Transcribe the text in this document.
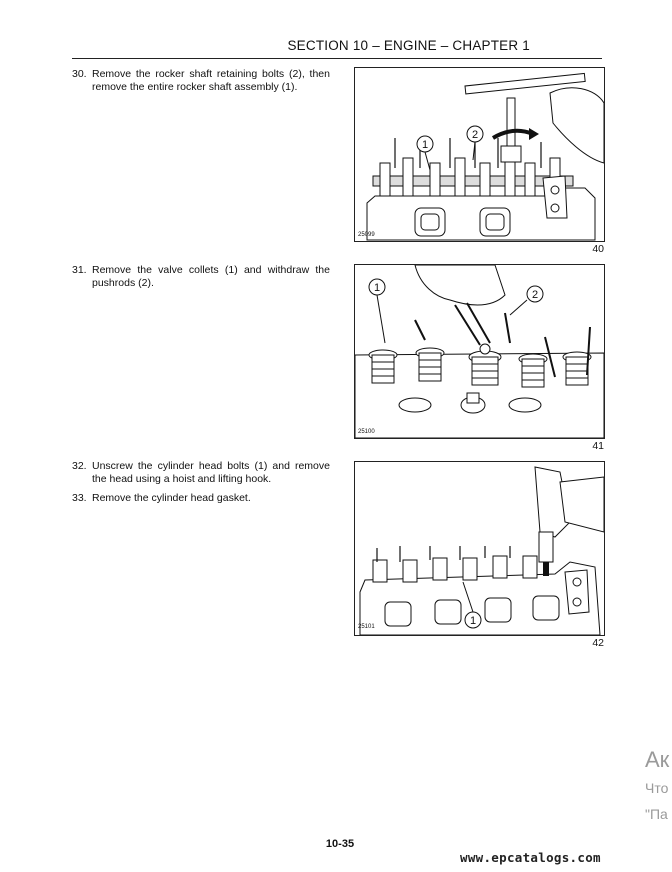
SECTION 10 – ENGINE – CHAPTER 1
30. Remove the rocker shaft retaining bolts (2), then remove the entire rocker shaft assembly (1).
31. Remove the valve collets (1) and withdraw the pushrods (2).
32. Unscrew the cylinder head bolts (1) and remove the head using a hoist and lifting hook.
33. Remove the cylinder head gasket.
1
2
25099
40
1
2
25100
41
1
25101
42
Ак
Что
"Па
10-35
www.epcatalogs.com
